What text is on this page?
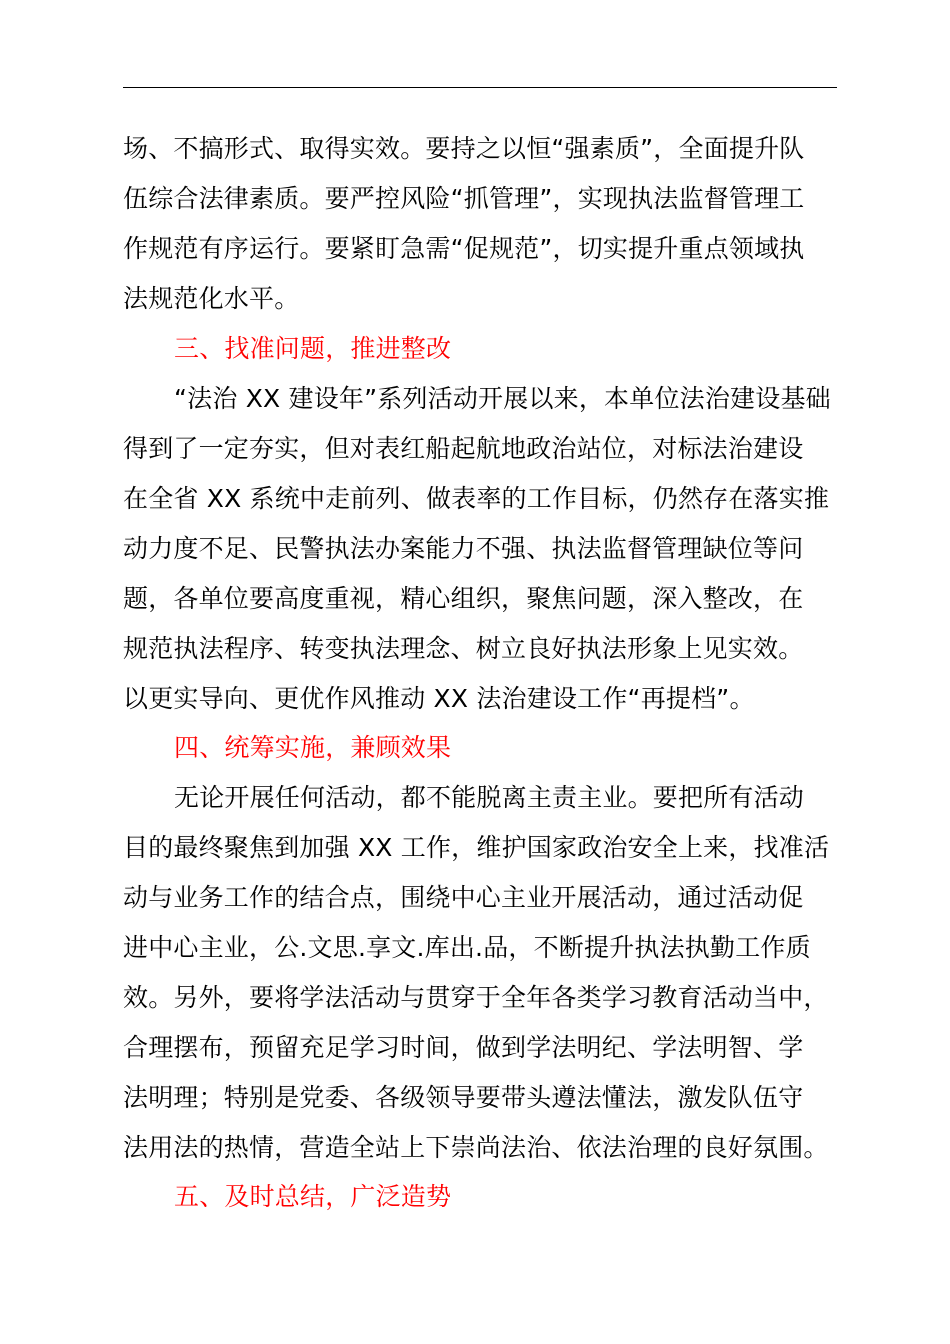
场、不搞形式、取得实效。要持之以恒“强素质”，全面提升队
伍综合法律素质。要严控风险“抓管理”，实现执法监督管理工
作规范有序运行。要紧盯急需“促规范”，切实提升重点领域执
法规范化水平。
三、找准问题，推进整改
“法治 XX 建设年”系列活动开展以来，本单位法治建设基础
得到了一定夯实，但对表红船起航地政治站位，对标法治建设
在全省 XX 系统中走前列、做表率的工作目标，仍然存在落实推
动力度不足、民警执法办案能力不强、执法监督管理缺位等问
题，各单位要高度重视，精心组织，聚焦问题，深入整改，在
规范执法程序、转变执法理念、树立良好执法形象上见实效。
以更实导向、更优作风推动 XX 法治建设工作“再提档”。
四、统筹实施，兼顾效果
无论开展任何活动，都不能脱离主责主业。要把所有活动
目的最终聚焦到加强 XX 工作，维护国家政治安全上来，找准活
动与业务工作的结合点，围绕中心主业开展活动，通过活动促
进中心主业，公.文思.享文.库出.品，不断提升执法执勤工作质
效。另外，要将学法活动与贯穿于全年各类学习教育活动当中，
合理摆布，预留充足学习时间，做到学法明纪、学法明智、学
法明理；特别是党委、各级领导要带头遵法懂法，激发队伍守
法用法的热情，营造全站上下崇尚法治、依法治理的良好氛围。
五、及时总结，广泛造势
